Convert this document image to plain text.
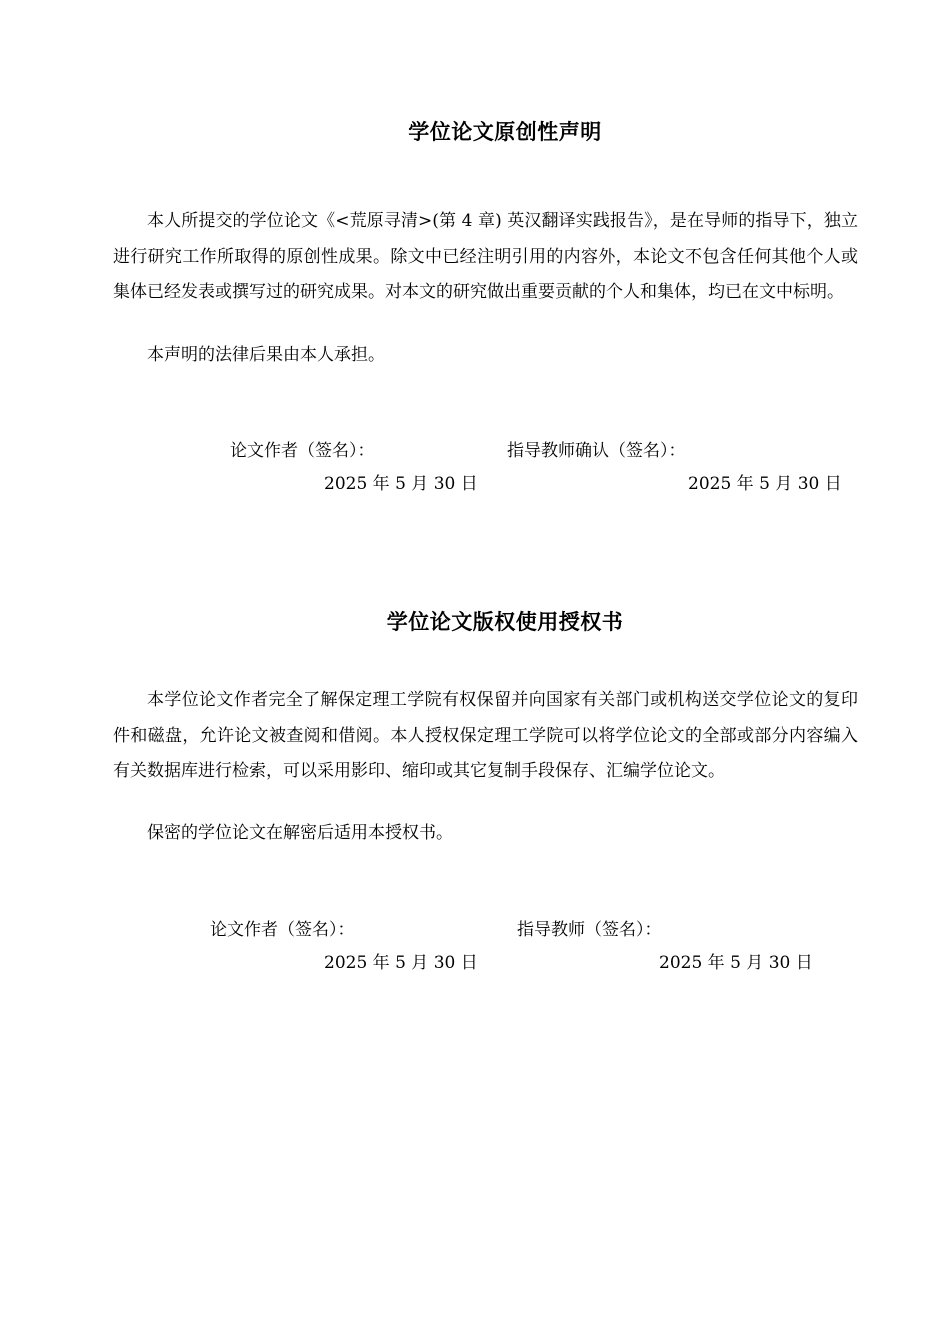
学位论文原创性声明

本人所提交的学位论文《<荒原寻清>(第 4 章) 英汉翻译实践报告》，是在导师的指导下，独立进行研究工作所取得的原创性成果。除文中已经注明引用的内容外，本论文不包含任何其他个人或集体已经发表或撰写过的研究成果。对本文的研究做出重要贡献的个人和集体，均已在文中标明。

本声明的法律后果由本人承担。

论文作者（签名）：	指导教师确认（签名）：
2025 年 5 月 30 日	2025 年 5 月 30 日
学位论文版权使用授权书

本学位论文作者完全了解保定理工学院有权保留并向国家有关部门或机构送交学位论文的复印件和磁盘，允许论文被查阅和借阅。本人授权保定理工学院可以将学位论文的全部或部分内容编入有关数据库进行检索，可以采用影印、缩印或其它复制手段保存、汇编学位论文。

保密的学位论文在解密后适用本授权书。

论文作者（签名）：	指导教师（签名）：
2025 年 5 月 30 日	2025 年 5 月 30 日
